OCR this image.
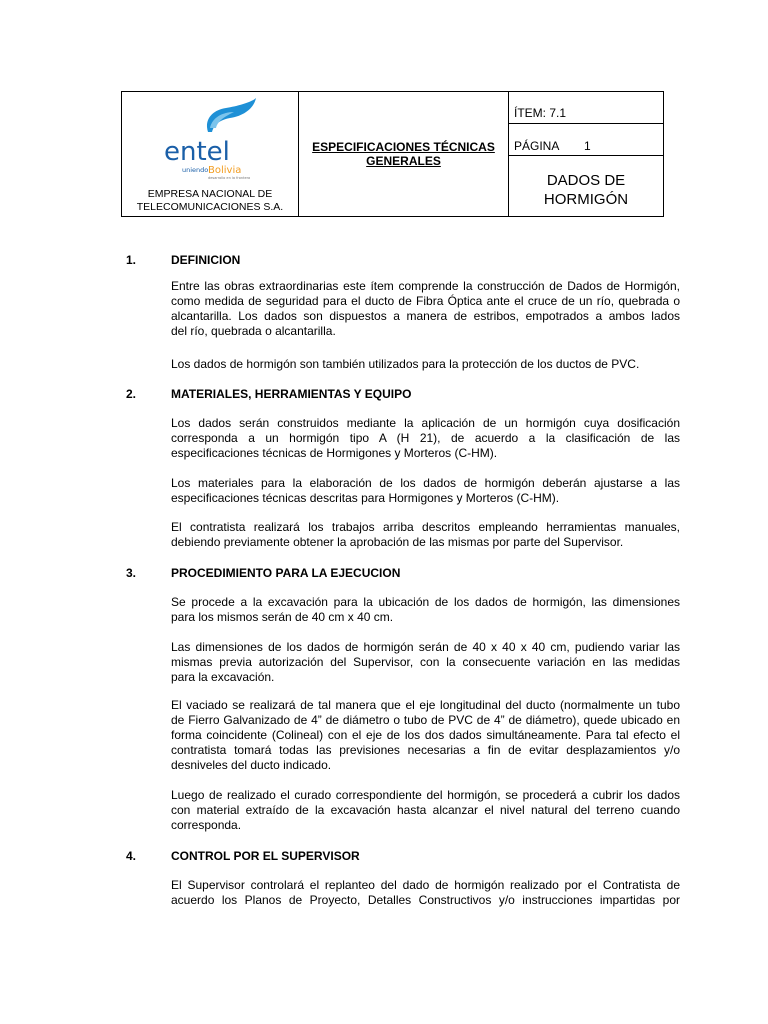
entel
uniendo Bolivia
desarrollo en la frontera
EMPRESA NACIONAL DE
TELECOMUNICACIONES S.A.
ESPECIFICACIONES TÉCNICAS
GENERALES
ÍTEM: 7.1
PÁGINA 1
DADOS DE
HORMIGÓN
1.	DEFINICION
Entre las obras extraordinarias este ítem comprende la construcción de Dados de Hormigón,
como medida de seguridad para el ducto de Fibra Óptica ante el cruce de un río, quebrada o
alcantarilla. Los dados son dispuestos a manera de estribos, empotrados a ambos lados
del río, quebrada o alcantarilla.
Los dados de hormigón son también utilizados para la protección de los ductos de PVC.
2.	MATERIALES, HERRAMIENTAS Y EQUIPO
Los dados serán construidos mediante la aplicación de un hormigón cuya dosificación
corresponda a un hormigón tipo A (H 21), de acuerdo a la clasificación de las
especificaciones técnicas de Hormigones y Morteros (C-HM).
Los materiales para la elaboración de los dados de hormigón deberán ajustarse a las
especificaciones técnicas descritas para Hormigones y Morteros (C-HM).
El contratista realizará los trabajos arriba descritos empleando herramientas manuales,
debiendo previamente obtener la aprobación de las mismas por parte del Supervisor.
3.	PROCEDIMIENTO PARA LA EJECUCION
Se procede a la excavación para la ubicación de los dados de hormigón, las dimensiones
para los mismos serán de 40 cm x 40 cm.
Las dimensiones de los dados de hormigón serán de 40 x 40 x 40 cm, pudiendo variar las
mismas previa autorización del Supervisor, con la consecuente variación en las medidas
para la excavación.
El vaciado se realizará de tal manera que el eje longitudinal del ducto (normalmente un tubo
de Fierro Galvanizado de 4” de diámetro o tubo de PVC de 4” de diámetro), quede ubicado en
forma coincidente (Colineal) con el eje de los dos dados simultáneamente. Para tal efecto el
contratista tomará todas las previsiones necesarias a fin de evitar desplazamientos y/o
desniveles del ducto indicado.
Luego de realizado el curado correspondiente del hormigón, se procederá a cubrir los dados
con material extraído de la excavación hasta alcanzar el nivel natural del terreno cuando
corresponda.
4.	CONTROL POR EL SUPERVISOR
El Supervisor controlará el replanteo del dado de hormigón realizado por el Contratista de
acuerdo los Planos de Proyecto, Detalles Constructivos y/o instrucciones impartidas por
